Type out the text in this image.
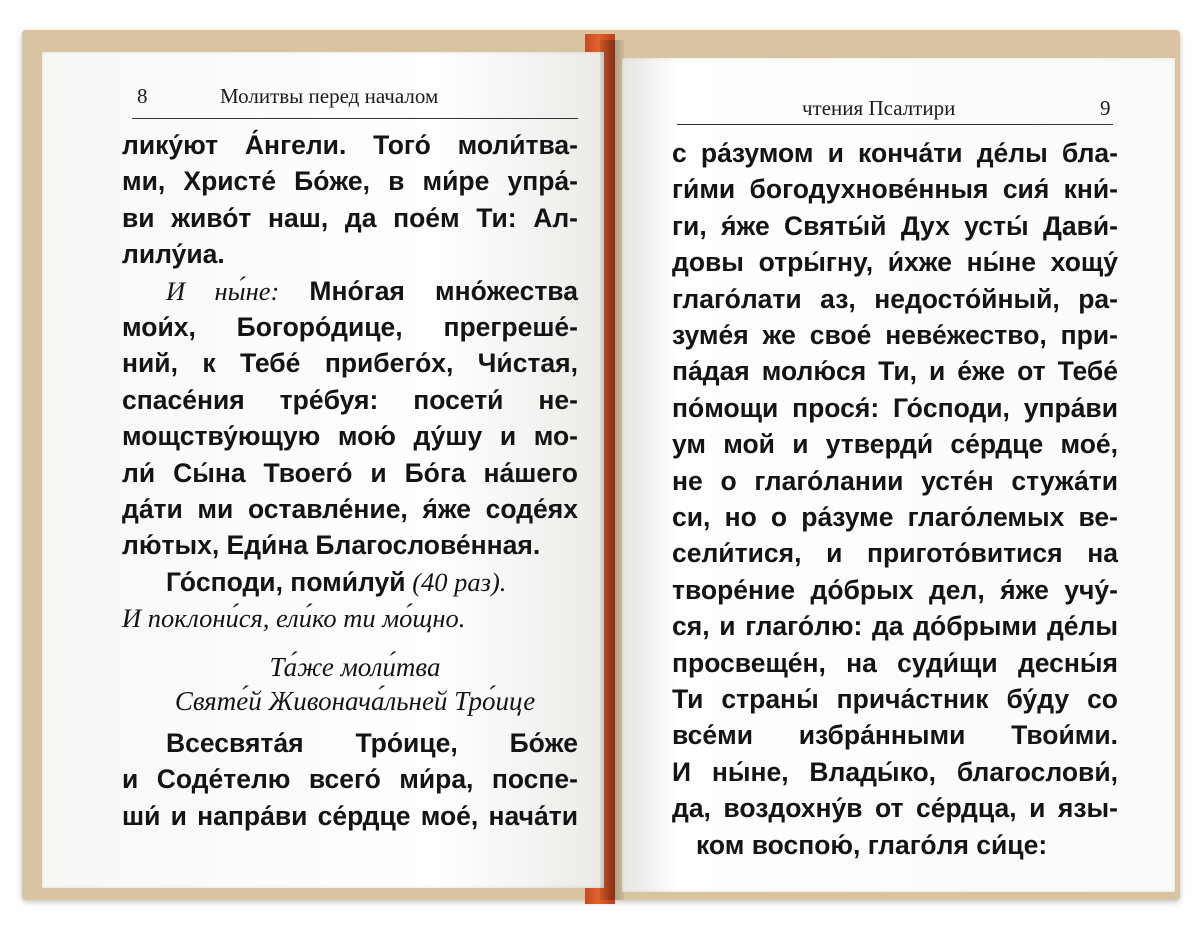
8	Молитвы перед началом
лику́ют А́нгели. Того́ моли́тва-
ми, Христе́ Бо́же, в ми́ре упра́-
ви живо́т наш, да пое́м Ти: Ал-
лилу́иа.
И ны́не: Мно́гая мно́жества
мои́х, Богоро́дице, прегреше́-
ний, к Тебе́ прибего́х, Чи́стая,
спасе́ния тре́буя: посети́ не-
мощству́ющую мою́ ду́шу и мо-
ли́ Сы́на Твоего́ и Бо́га на́шего
да́ти ми оставле́ние, я́же соде́ях
лю́тых, Еди́на Благослове́нная.
Го́споди, поми́луй (40 раз).
И поклони́ся, ели́ко ти мо́щно.
Та́же моли́тва
Святе́й Живонача́льней Тро́ице
Всесвята́я Тро́ице, Бо́же
и Соде́телю всего́ ми́ра, поспе-
ши́ и напра́ви се́рдце мое́, нача́ти
чтения Псалтири	9
с ра́зумом и конча́ти де́лы бла-
ги́ми богодухнове́нныя сия́ кни́-
ги, я́же Святы́й Дух усты́ Дави́-
довы отры́гну, и́хже ны́не хощу́
глаго́лати аз, недосто́йный, ра-
зуме́я же свое́ неве́жество, при-
па́дая молю́ся Ти, и е́же от Тебе́
по́мощи прося́: Го́споди, упра́ви
ум мой и утверди́ се́рдце мое́,
не о глаго́лании усте́н стужа́ти
си, но о ра́зуме глаго́лемых ве-
сели́тися, и пригото́витися на
творе́ние до́брых дел, я́же учу́-
ся, и глаго́лю: да до́брыми де́лы
просвеще́н, на суди́щи десны́я
Ти страны́ прича́стник бу́ду со
все́ми избра́нными Твои́ми.
И ны́не, Влады́ко, благослови́,
да, воздохну́в от се́рдца, и язы-
ком воспою́, глаго́ля си́це:
